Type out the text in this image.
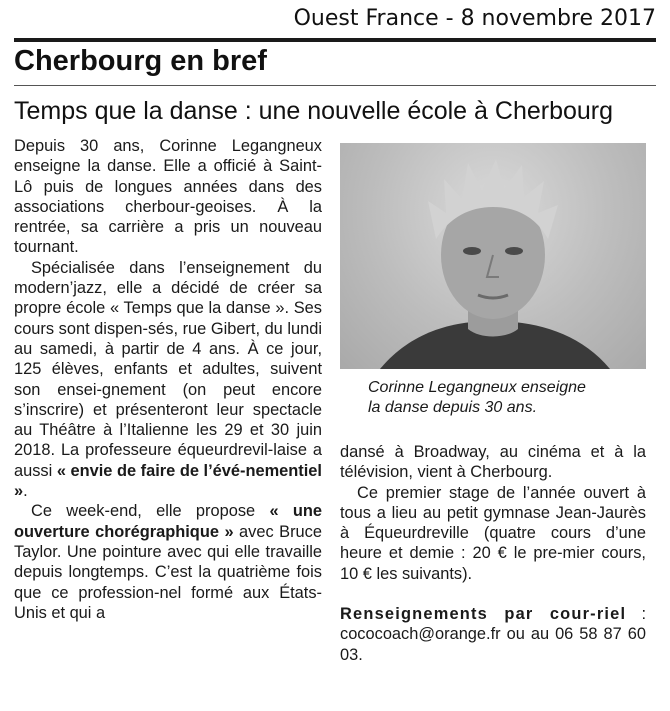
Ouest France - 8 novembre 2017
Cherbourg en bref
Temps que la danse : une nouvelle école à Cherbourg

Depuis 30 ans, Corinne Legangneux enseigne la danse. Elle a officié à Saint-Lô puis de longues années dans des associations cherbour-geoises. À la rentrée, sa carrière a pris un nouveau tournant.

Spécialisée dans l’enseignement du modern’jazz, elle a décidé de créer sa propre école « Temps que la danse ». Ses cours sont dispen-sés, rue Gibert, du lundi au samedi, à partir de 4 ans. À ce jour, 125 élèves, enfants et adultes, suivent son ensei-gnement (on peut encore s’inscrire) et présenteront leur spectacle au Théâtre à l’Italienne les 29 et 30 juin 2018. La professeure équeurdrevil-laise a aussi « envie de faire de l’évé-nementiel ».

Ce week-end, elle propose « une ouverture chorégraphique » avec Bruce Taylor. Une pointure avec qui elle travaille depuis longtemps. C’est la quatrième fois que ce profession-nel formé aux États-Unis et qui a

Corinne Legangneux enseigne
la danse depuis 30 ans.

dansé à Broadway, au cinéma et à la télévision, vient à Cherbourg.

Ce premier stage de l’année ouvert à tous a lieu au petit gymnase Jean-Jaurès à Équeurdreville (quatre cours d’une heure et demie : 20 € le pre-mier cours, 10 € les suivants).

Renseignements par cour-riel : cococoach@orange.fr ou au 06 58 87 60 03.
